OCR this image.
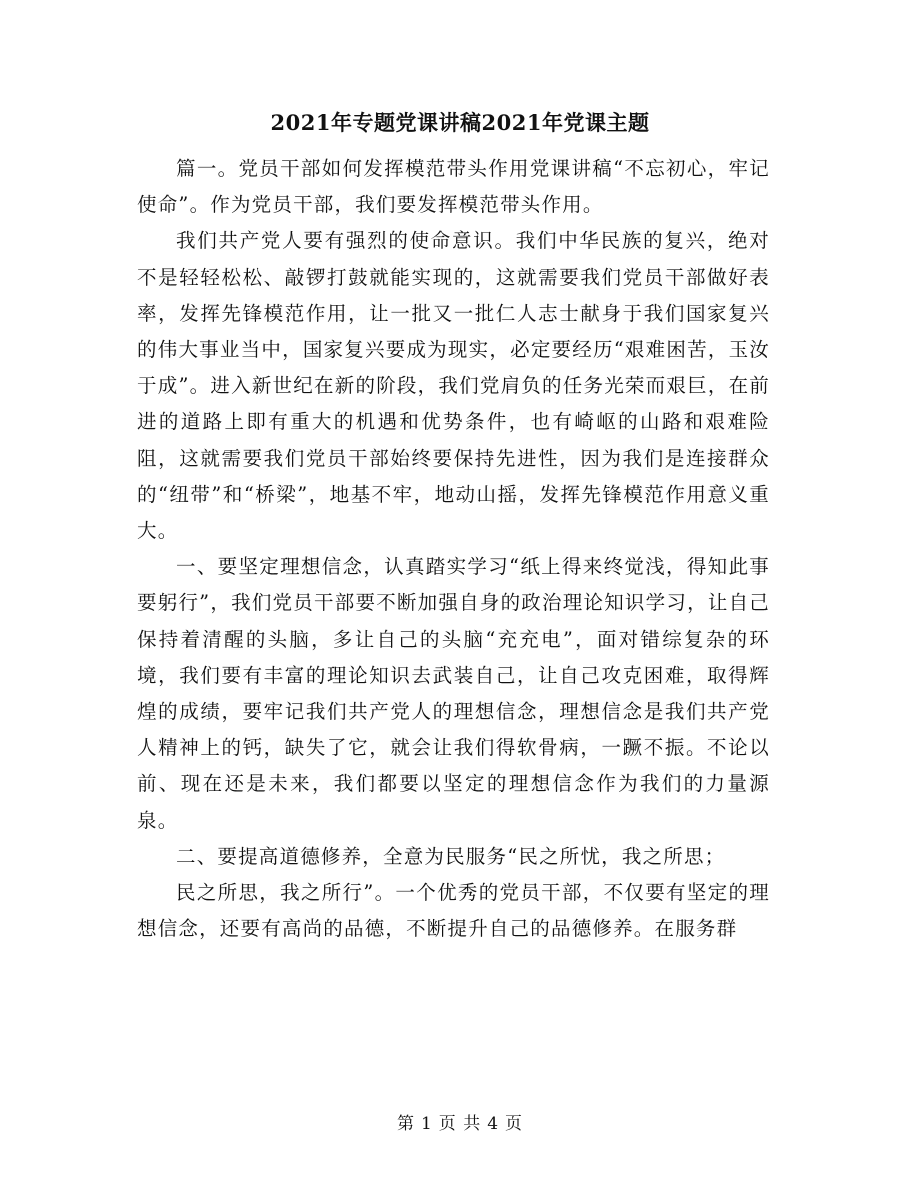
2021年专题党课讲稿2021年党课主题

篇一。党员干部如何发挥模范带头作用党课讲稿“不忘初心，牢记使命”。作为党员干部，我们要发挥模范带头作用。

我们共产党人要有强烈的使命意识。我们中华民族的复兴，绝对不是轻轻松松、敲锣打鼓就能实现的，这就需要我们党员干部做好表率，发挥先锋模范作用，让一批又一批仁人志士献身于我们国家复兴的伟大事业当中，国家复兴要成为现实，必定要经历“艰难困苦，玉汝于成”。进入新世纪在新的阶段，我们党肩负的任务光荣而艰巨，在前进的道路上即有重大的机遇和优势条件，也有崎岖的山路和艰难险阻，这就需要我们党员干部始终要保持先进性，因为我们是连接群众的“纽带”和“桥梁”，地基不牢，地动山摇，发挥先锋模范作用意义重大。

一、要坚定理想信念，认真踏实学习“纸上得来终觉浅，得知此事要躬行”，我们党员干部要不断加强自身的政治理论知识学习，让自己保持着清醒的头脑，多让自己的头脑“充充电”，面对错综复杂的环境，我们要有丰富的理论知识去武装自己，让自己攻克困难，取得辉煌的成绩，要牢记我们共产党人的理想信念，理想信念是我们共产党人精神上的钙，缺失了它，就会让我们得软骨病，一蹶不振。不论以前、现在还是未来，我们都要以坚定的理想信念作为我们的力量源泉。

二、要提高道德修养，全意为民服务“民之所忧，我之所思；

民之所思，我之所行”。一个优秀的党员干部，不仅要有坚定的理想信念，还要有高尚的品德，不断提升自己的品德修养。在服务群

第 1 页 共 4 页
